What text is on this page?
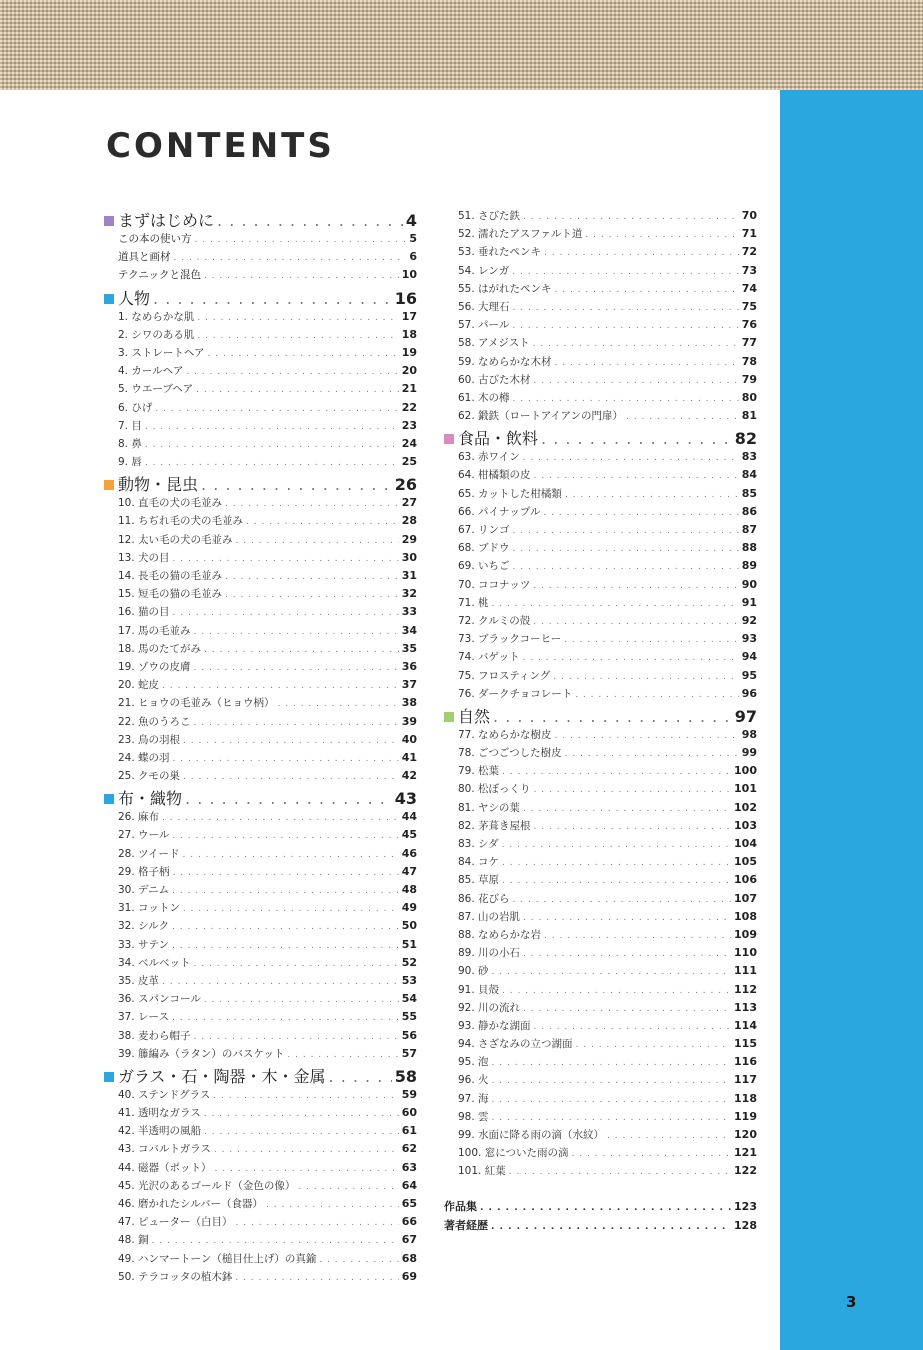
CONTENTS
まずはじめに . . .	4
この本の使い方 . . .	5
道具と画材 . . .	6
テクニックと混色 . . .	10
人物 . . .	16
1. なめらかな肌 . . .	17
2. シワのある肌 . . .	18
3. ストレートヘア . . .	19
4. カールヘア . . .	20
5. ウエーブヘア . . .	21
6. ひげ . . .	22
7. 目 . . .	23
8. 鼻 . . .	24
9. 唇 . . .	25
動物・昆虫 . . .	26
10. 直毛の犬の毛並み . . .	27
11. ちぢれ毛の犬の毛並み . . .	28
12. 太い毛の犬の毛並み . . .	29
13. 犬の目 . . .	30
14. 長毛の猫の毛並み . . .	31
15. 短毛の猫の毛並み . . .	32
16. 猫の目 . . .	33
17. 馬の毛並み . . .	34
18. 馬のたてがみ . . .	35
19. ゾウの皮膚 . . .	36
20. 蛇皮 . . .	37
21. ヒョウの毛並み（ヒョウ柄） . . .	38
22. 魚のうろこ . . .	39
23. 鳥の羽根 . . .	40
24. 蝶の羽 . . .	41
25. クモの巣 . . .	42
布・織物 . . .	43
26. 麻布 . . .	44
27. ウール . . .	45
28. ツイード . . .	46
29. 格子柄 . . .	47
30. デニム . . .	48
31. コットン . . .	49
32. シルク . . .	50
33. サテン . . .	51
34. ベルベット . . .	52
35. 皮革 . . .	53
36. スパンコール . . .	54
37. レース . . .	55
38. 麦わら帽子 . . .	56
39. 籐編み（ラタン）のバスケット . . .	57
ガラス・石・陶器・木・金属 . . .	58
40. ステンドグラス . . .	59
41. 透明なガラス . . .	60
42. 半透明の風船 . . .	61
43. コバルトガラス . . .	62
44. 磁器（ポット） . . .	63
45. 光沢のあるゴールド（金色の像） . . .	64
46. 磨かれたシルバー（食器） . . .	65
47. ピューター（白目） . . .	66
48. 銅 . . .	67
49. ハンマートーン（槌目仕上げ）の真鍮 . . .	68
50. テラコッタの植木鉢 . . .	69
51. さびた鉄 . . .	70
52. 濡れたアスファルト道 . . .	71
53. 垂れたペンキ . . .	72
54. レンガ . . .	73
55. はがれたペンキ . . .	74
56. 大理石 . . .	75
57. パール . . .	76
58. アメジスト . . .	77
59. なめらかな木材 . . .	78
60. 古びた木材 . . .	79
61. 木の樽 . . .	80
62. 鍛鉄（ロートアイアンの門扉） . . .	81
食品・飲料 . . .	82
63. 赤ワイン . . .	83
64. 柑橘類の皮 . . .	84
65. カットした柑橘類 . . .	85
66. パイナップル . . .	86
67. リンゴ . . .	87
68. ブドウ . . .	88
69. いちご . . .	89
70. ココナッツ . . .	90
71. 桃 . . .	91
72. クルミの殻 . . .	92
73. ブラックコーヒー . . .	93
74. バゲット . . .	94
75. フロスティング . . .	95
76. ダークチョコレート . . .	96
自然 . . .	97
77. なめらかな樹皮 . . .	98
78. ごつごつした樹皮 . . .	99
79. 松葉 . . .	100
80. 松ぼっくり . . .	101
81. ヤシの葉 . . .	102
82. 茅葺き屋根 . . .	103
83. シダ . . .	104
84. コケ . . .	105
85. 草原 . . .	106
86. 花びら . . .	107
87. 山の岩肌 . . .	108
88. なめらかな岩 . . .	109
89. 川の小石 . . .	110
90. 砂 . . .	111
91. 貝殻 . . .	112
92. 川の流れ . . .	113
93. 静かな湖面 . . .	114
94. さざなみの立つ湖面 . . .	115
95. 泡 . . .	116
96. 火 . . .	117
97. 海 . . .	118
98. 雲 . . .	119
99. 水面に降る雨の滴（水紋） . . .	120
100. 窓についた雨の滴 . . .	121
101. 紅葉 . . .	122
作品集 . . .	123
著者経歴 . . .	128
3
